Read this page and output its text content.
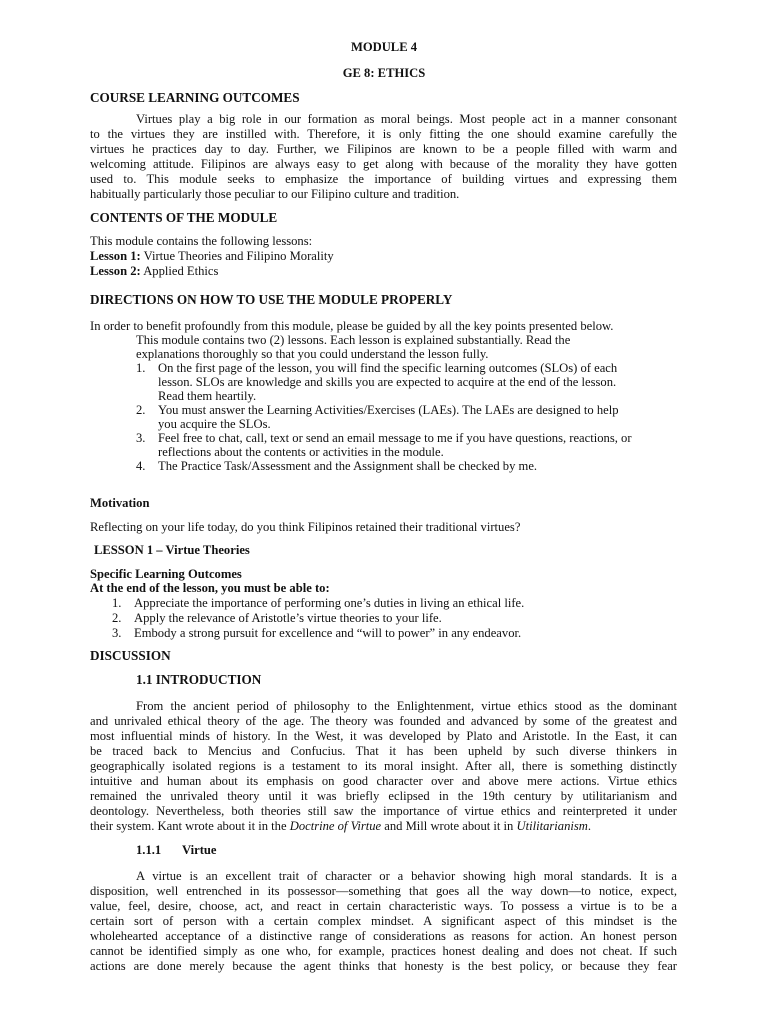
MODULE 4
GE 8: ETHICS
COURSE LEARNING OUTCOMES
Virtues play a big role in our formation as moral beings. Most people act in a manner consonant
to the virtues they are instilled with. Therefore, it is only fitting the one should examine carefully the
virtues he practices day to day. Further, we Filipinos are known to be a people filled with warm and
welcoming attitude. Filipinos are always easy to get along with because of the morality they have gotten
used to. This module seeks to emphasize the importance of building virtues and expressing them
habitually particularly those peculiar to our Filipino culture and tradition.
CONTENTS OF THE MODULE
This module contains the following lessons:
Lesson 1: Virtue Theories and Filipino Morality
Lesson 2: Applied Ethics
DIRECTIONS ON HOW TO USE THE MODULE PROPERLY
In order to benefit profoundly from this module, please be guided by all the key points presented below.
This module contains two (2) lessons. Each lesson is explained substantially. Read the
explanations thoroughly so that you could understand the lesson fully.
1. On the first page of the lesson, you will find the specific learning outcomes (SLOs) of each
lesson. SLOs are knowledge and skills you are expected to acquire at the end of the lesson.
Read them heartily.
2. You must answer the Learning Activities/Exercises (LAEs). The LAEs are designed to help
you acquire the SLOs.
3. Feel free to chat, call, text or send an email message to me if you have questions, reactions, or
reflections about the contents or activities in the module.
4. The Practice Task/Assessment and the Assignment shall be checked by me.
Motivation
Reflecting on your life today, do you think Filipinos retained their traditional virtues?
LESSON 1 – Virtue Theories
Specific Learning Outcomes
At the end of the lesson, you must be able to:
1. Appreciate the importance of performing one’s duties in living an ethical life.
2. Apply the relevance of Aristotle’s virtue theories to your life.
3. Embody a strong pursuit for excellence and “will to power” in any endeavor.
DISCUSSION
1.1 INTRODUCTION
From the ancient period of philosophy to the Enlightenment, virtue ethics stood as the dominant
and unrivaled ethical theory of the age. The theory was founded and advanced by some of the greatest and
most influential minds of history. In the West, it was developed by Plato and Aristotle. In the East, it can
be traced back to Mencius and Confucius. That it has been upheld by such diverse thinkers in
geographically isolated regions is a testament to its moral insight. After all, there is something distinctly
intuitive and human about its emphasis on good character over and above mere actions. Virtue ethics
remained the unrivaled theory until it was briefly eclipsed in the 19th century by utilitarianism and
deontology. Nevertheless, both theories still saw the importance of virtue ethics and reinterpreted it under
their system. Kant wrote about it in the Doctrine of Virtue and Mill wrote about it in Utilitarianism.
1.1.1 Virtue
A virtue is an excellent trait of character or a behavior showing high moral standards. It is a
disposition, well entrenched in its possessor—something that goes all the way down—to notice, expect,
value, feel, desire, choose, act, and react in certain characteristic ways. To possess a virtue is to be a
certain sort of person with a certain complex mindset. A significant aspect of this mindset is the
wholehearted acceptance of a distinctive range of considerations as reasons for action. An honest person
cannot be identified simply as one who, for example, practices honest dealing and does not cheat. If such
actions are done merely because the agent thinks that honesty is the best policy, or because they fear
